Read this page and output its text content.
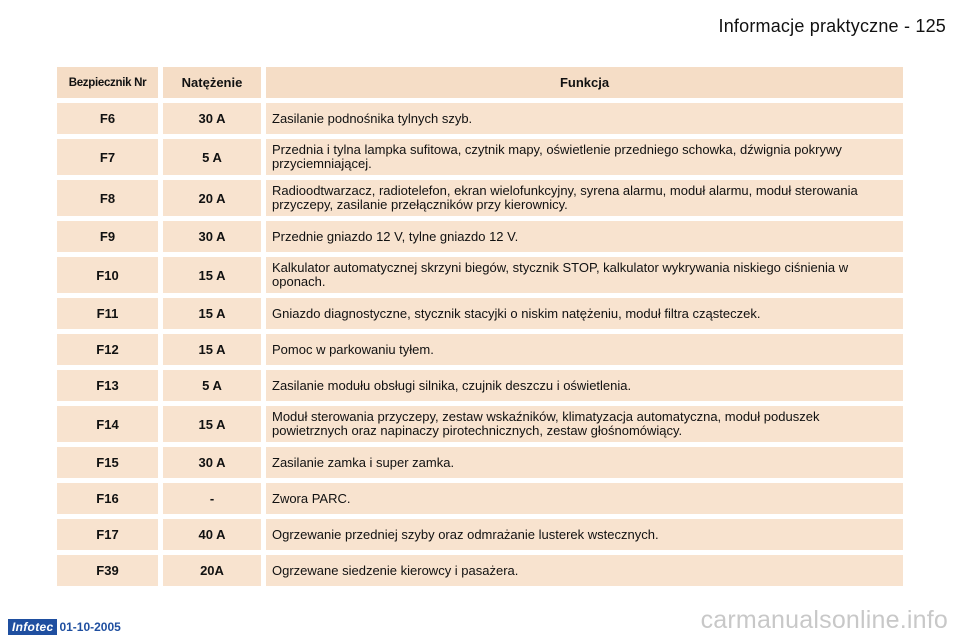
Informacje praktyczne - 125
Bezpiecznik Nr	Natężenie	Funkcja
F6	30 A	Zasilanie podnośnika tylnych szyb.
F7	5 A	Przednia i tylna lampka sufitowa, czytnik mapy, oświetlenie przedniego schowka, dźwignia pokrywy przyciemniającej.
F8	20 A	Radioodtwarzacz, radiotelefon, ekran wielofunkcyjny, syrena alarmu, moduł alarmu, moduł sterowania przyczepy, zasilanie przełączników przy kierownicy.
F9	30 A	Przednie gniazdo 12 V, tylne gniazdo 12 V.
F10	15 A	Kalkulator automatycznej skrzyni biegów, stycznik STOP, kalkulator wykrywania niskiego ciśnienia w oponach.
F11	15 A	Gniazdo diagnostyczne, stycznik stacyjki o niskim natężeniu, moduł filtra cząsteczek.
F12	15 A	Pomoc w parkowaniu tyłem.
F13	5 A	Zasilanie modułu obsługi silnika, czujnik deszczu i oświetlenia.
F14	15 A	Moduł sterowania przyczepy, zestaw wskaźników, klimatyzacja automatyczna, moduł poduszek powietrznych oraz napinaczy pirotechnicznych, zestaw głośnomówiący.
F15	30 A	Zasilanie zamka i super zamka.
F16	-	Zwora PARC.
F17	40 A	Ogrzewanie przedniej szyby oraz odmrażanie lusterek wstecznych.
F39	20A	Ogrzewane siedzenie kierowcy i pasażera.
Infotec 01-10-2005	carmanualsonline.info
